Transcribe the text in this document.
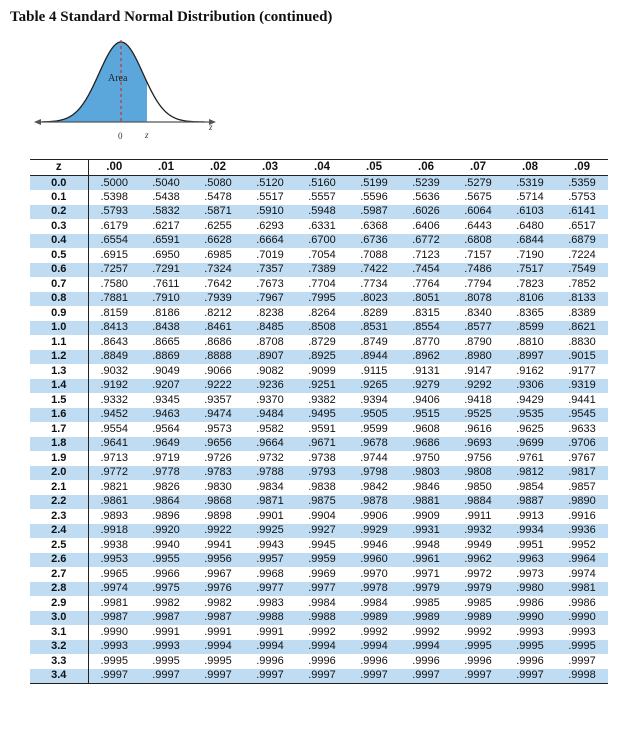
Table 4 Standard Normal Distribution (continued)
Area
0	z
z
z	.00	.01	.02	.03	.04	.05	.06	.07	.08	.09
0.0	.5000	.5040	.5080	.5120	.5160	.5199	.5239	.5279	.5319	.5359
0.1	.5398	.5438	.5478	.5517	.5557	.5596	.5636	.5675	.5714	.5753
0.2	.5793	.5832	.5871	.5910	.5948	.5987	.6026	.6064	.6103	.6141
0.3	.6179	.6217	.6255	.6293	.6331	.6368	.6406	.6443	.6480	.6517
0.4	.6554	.6591	.6628	.6664	.6700	.6736	.6772	.6808	.6844	.6879
0.5	.6915	.6950	.6985	.7019	.7054	.7088	.7123	.7157	.7190	.7224
0.6	.7257	.7291	.7324	.7357	.7389	.7422	.7454	.7486	.7517	.7549
0.7	.7580	.7611	.7642	.7673	.7704	.7734	.7764	.7794	.7823	.7852
0.8	.7881	.7910	.7939	.7967	.7995	.8023	.8051	.8078	.8106	.8133
0.9	.8159	.8186	.8212	.8238	.8264	.8289	.8315	.8340	.8365	.8389
1.0	.8413	.8438	.8461	.8485	.8508	.8531	.8554	.8577	.8599	.8621
1.1	.8643	.8665	.8686	.8708	.8729	.8749	.8770	.8790	.8810	.8830
1.2	.8849	.8869	.8888	.8907	.8925	.8944	.8962	.8980	.8997	.9015
1.3	.9032	.9049	.9066	.9082	.9099	.9115	.9131	.9147	.9162	.9177
1.4	.9192	.9207	.9222	.9236	.9251	.9265	.9279	.9292	.9306	.9319
1.5	.9332	.9345	.9357	.9370	.9382	.9394	.9406	.9418	.9429	.9441
1.6	.9452	.9463	.9474	.9484	.9495	.9505	.9515	.9525	.9535	.9545
1.7	.9554	.9564	.9573	.9582	.9591	.9599	.9608	.9616	.9625	.9633
1.8	.9641	.9649	.9656	.9664	.9671	.9678	.9686	.9693	.9699	.9706
1.9	.9713	.9719	.9726	.9732	.9738	.9744	.9750	.9756	.9761	.9767
2.0	.9772	.9778	.9783	.9788	.9793	.9798	.9803	.9808	.9812	.9817
2.1	.9821	.9826	.9830	.9834	.9838	.9842	.9846	.9850	.9854	.9857
2.2	.9861	.9864	.9868	.9871	.9875	.9878	.9881	.9884	.9887	.9890
2.3	.9893	.9896	.9898	.9901	.9904	.9906	.9909	.9911	.9913	.9916
2.4	.9918	.9920	.9922	.9925	.9927	.9929	.9931	.9932	.9934	.9936
2.5	.9938	.9940	.9941	.9943	.9945	.9946	.9948	.9949	.9951	.9952
2.6	.9953	.9955	.9956	.9957	.9959	.9960	.9961	.9962	.9963	.9964
2.7	.9965	.9966	.9967	.9968	.9969	.9970	.9971	.9972	.9973	.9974
2.8	.9974	.9975	.9976	.9977	.9977	.9978	.9979	.9979	.9980	.9981
2.9	.9981	.9982	.9982	.9983	.9984	.9984	.9985	.9985	.9986	.9986
3.0	.9987	.9987	.9987	.9988	.9988	.9989	.9989	.9989	.9990	.9990
3.1	.9990	.9991	.9991	.9991	.9992	.9992	.9992	.9992	.9993	.9993
3.2	.9993	.9993	.9994	.9994	.9994	.9994	.9994	.9995	.9995	.9995
3.3	.9995	.9995	.9995	.9996	.9996	.9996	.9996	.9996	.9996	.9997
3.4	.9997	.9997	.9997	.9997	.9997	.9997	.9997	.9997	.9997	.9998
